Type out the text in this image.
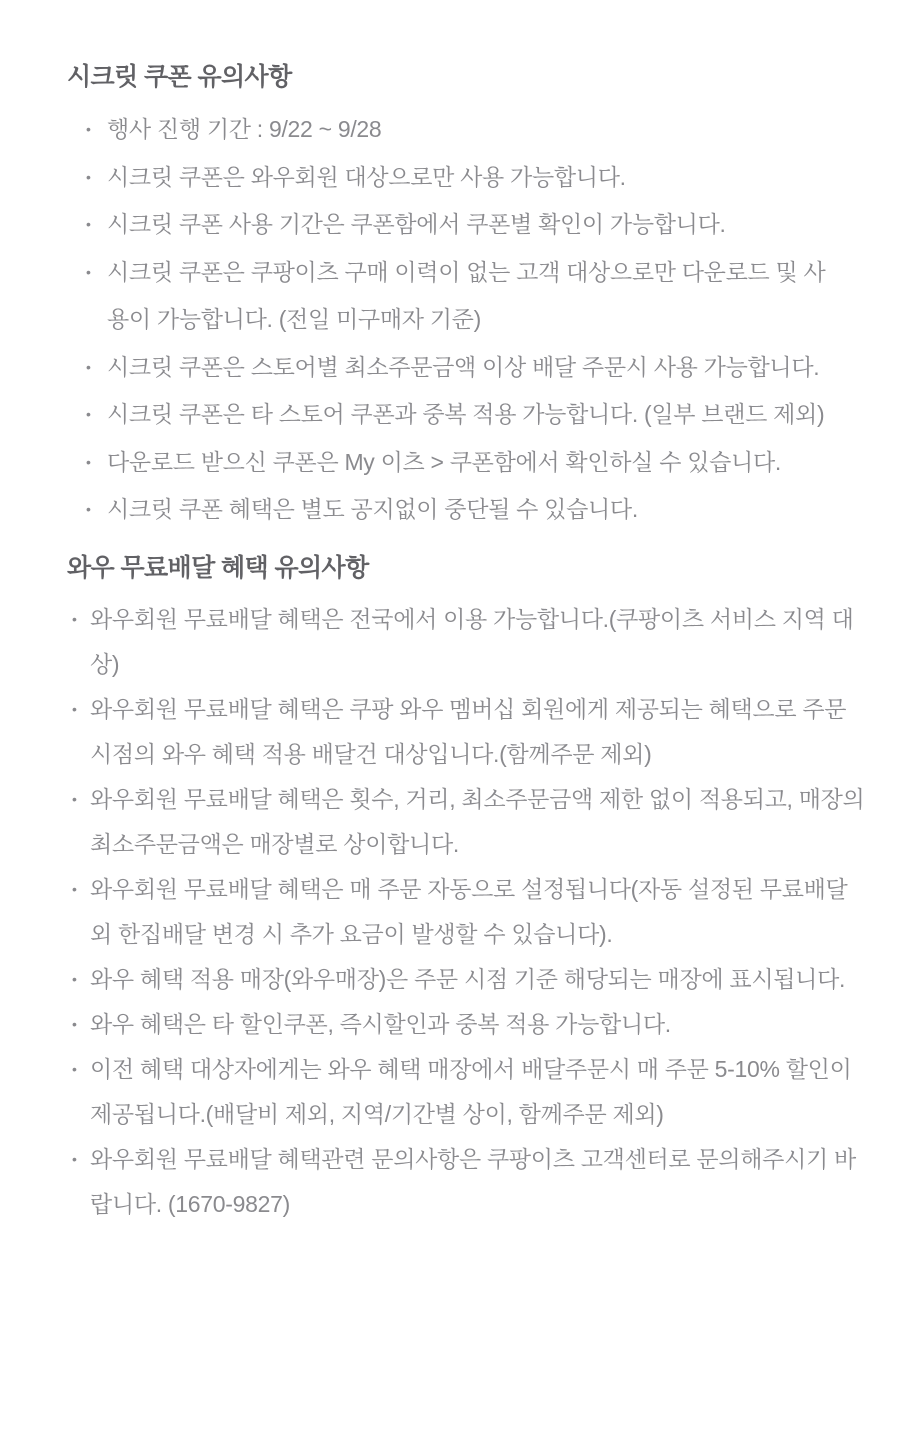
시크릿 쿠폰 유의사항
• 행사 진행 기간 : 9/22 ~ 9/28
• 시크릿 쿠폰은 와우회원 대상으로만 사용 가능합니다.
• 시크릿 쿠폰 사용 기간은 쿠폰함에서 쿠폰별 확인이 가능합니다.
• 시크릿 쿠폰은 쿠팡이츠 구매 이력이 없는 고객 대상으로만 다운로드 및 사용이 가능합니다. (전일 미구매자 기준)
• 시크릿 쿠폰은 스토어별 최소주문금액 이상 배달 주문시 사용 가능합니다.
• 시크릿 쿠폰은 타 스토어 쿠폰과 중복 적용 가능합니다. (일부 브랜드 제외)
• 다운로드 받으신 쿠폰은 My 이츠 > 쿠폰함에서 확인하실 수 있습니다.
• 시크릿 쿠폰 혜택은 별도 공지없이 중단될 수 있습니다.
와우 무료배달 혜택 유의사항
• 와우회원 무료배달 혜택은 전국에서 이용 가능합니다.(쿠팡이츠 서비스 지역 대상)
• 와우회원 무료배달 혜택은 쿠팡 와우 멤버십 회원에게 제공되는 혜택으로 주문 시점의 와우 혜택 적용 배달건 대상입니다.(함께주문 제외)
• 와우회원 무료배달 혜택은 횟수, 거리, 최소주문금액 제한 없이 적용되고, 매장의 최소주문금액은 매장별로 상이합니다.
• 와우회원 무료배달 혜택은 매 주문 자동으로 설정됩니다(자동 설정된 무료배달 외 한집배달 변경 시 추가 요금이 발생할 수 있습니다).
• 와우 혜택 적용 매장(와우매장)은 주문 시점 기준 해당되는 매장에 표시됩니다.
• 와우 혜택은 타 할인쿠폰, 즉시할인과 중복 적용 가능합니다.
• 이전 혜택 대상자에게는 와우 혜택 매장에서 배달주문시 매 주문 5-10% 할인이 제공됩니다.(배달비 제외, 지역/기간별 상이, 함께주문 제외)
• 와우회원 무료배달 혜택관련 문의사항은 쿠팡이츠 고객센터로 문의해주시기 바랍니다. (1670-9827)
